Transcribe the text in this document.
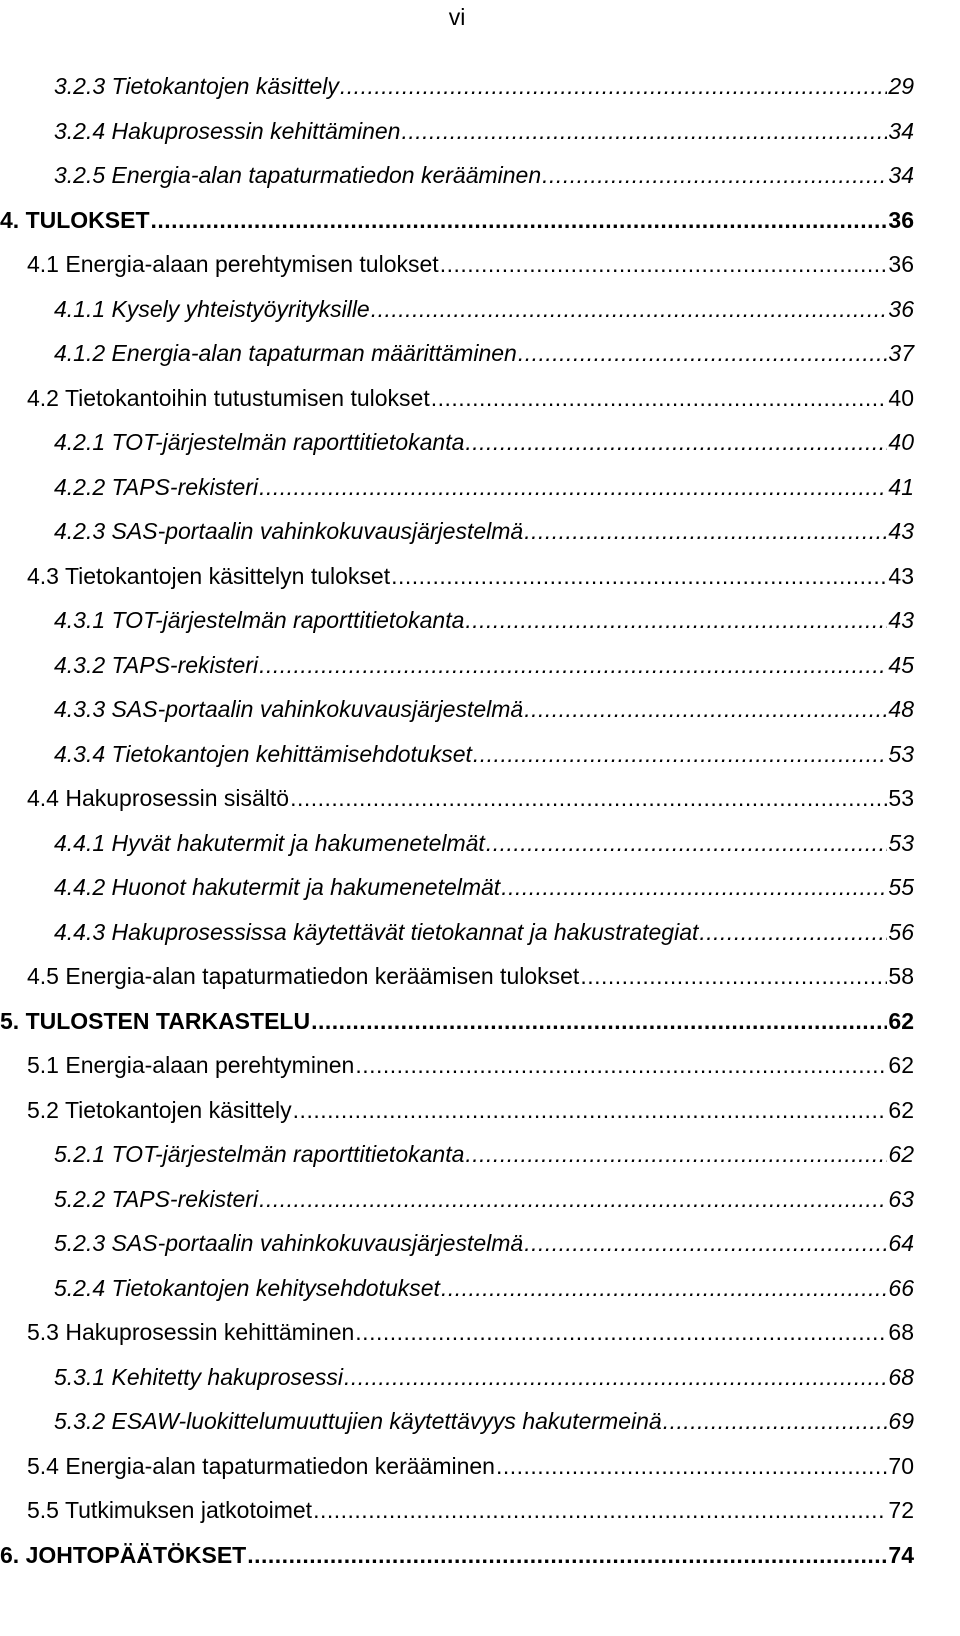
vi
3.2.3 Tietokantojen käsittely .....	29
3.2.4 Hakuprosessin kehittäminen .....	34
3.2.5 Energia-alan tapaturmatiedon kerääminen .....	34
4. TULOKSET .....	36
4.1 Energia-alaan perehtymisen tulokset .....	36
4.1.1 Kysely yhteistyöyrityksille .....	36
4.1.2 Energia-alan tapaturman määrittäminen .....	37
4.2 Tietokantoihin tutustumisen tulokset .....	40
4.2.1 TOT-järjestelmän raporttitietokanta .....	40
4.2.2 TAPS-rekisteri .....	41
4.2.3 SAS-portaalin vahinkokuvausjärjestelmä .....	43
4.3 Tietokantojen käsittelyn tulokset .....	43
4.3.1 TOT-järjestelmän raporttitietokanta .....	43
4.3.2 TAPS-rekisteri .....	45
4.3.3 SAS-portaalin vahinkokuvausjärjestelmä .....	48
4.3.4 Tietokantojen kehittämisehdotukset .....	53
4.4 Hakuprosessin sisältö .....	53
4.4.1 Hyvät hakutermit ja hakumenetelmät .....	53
4.4.2 Huonot hakutermit ja hakumenetelmät .....	55
4.4.3 Hakuprosessissa käytettävät tietokannat ja hakustrategiat .....	56
4.5 Energia-alan tapaturmatiedon keräämisen tulokset .....	58
5. TULOSTEN TARKASTELU .....	62
5.1 Energia-alaan perehtyminen .....	62
5.2 Tietokantojen käsittely .....	62
5.2.1 TOT-järjestelmän raporttitietokanta .....	62
5.2.2 TAPS-rekisteri .....	63
5.2.3 SAS-portaalin vahinkokuvausjärjestelmä .....	64
5.2.4 Tietokantojen kehitysehdotukset .....	66
5.3 Hakuprosessin kehittäminen .....	68
5.3.1 Kehitetty hakuprosessi .....	68
5.3.2 ESAW-luokittelumuuttujien käytettävyys hakutermeinä .....	69
5.4 Energia-alan tapaturmatiedon kerääminen .....	70
5.5 Tutkimuksen jatkotoimet .....	72
6. JOHTOPÄÄTÖKSET .....	74
